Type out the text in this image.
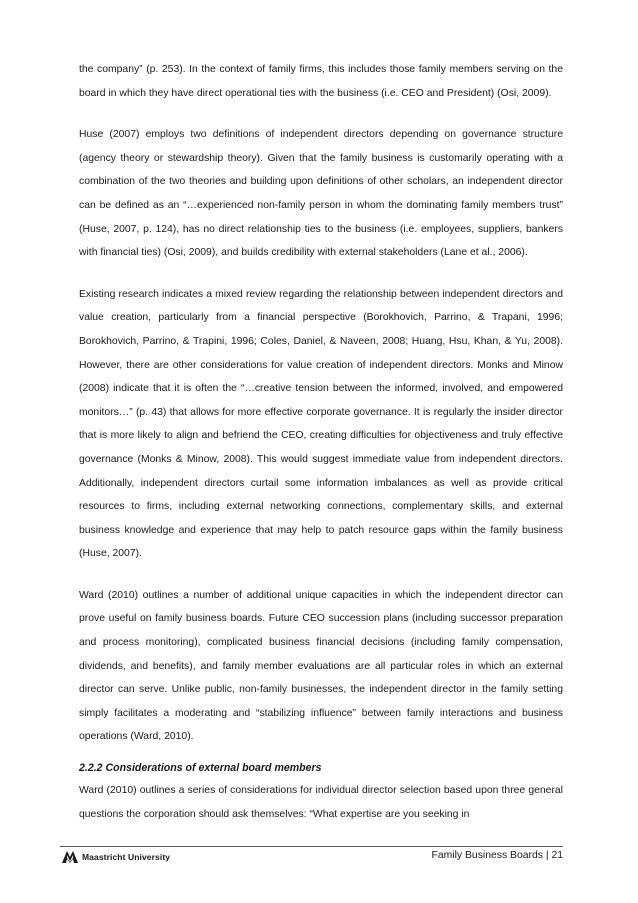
the company” (p. 253). In the context of family firms, this includes those family members serving on the board in which they have direct operational ties with the business (i.e. CEO and President) (Osi, 2009).

Huse (2007) employs two definitions of independent directors depending on governance structure (agency theory or stewardship theory). Given that the family business is customarily operating with a combination of the two theories and building upon definitions of other scholars, an independent director can be defined as an “…experienced non-family person in whom the dominating family members trust” (Huse, 2007, p. 124), has no direct relationship ties to the business (i.e. employees, suppliers, bankers with financial ties) (Osi, 2009), and builds credibility with external stakeholders (Lane et al., 2006).

Existing research indicates a mixed review regarding the relationship between independent directors and value creation, particularly from a financial perspective (Borokhovich, Parrino, & Trapani, 1996; Borokhovich, Parrino, & Trapini, 1996; Coles, Daniel, & Naveen, 2008; Huang, Hsu, Khan, & Yu, 2008). However, there are other considerations for value creation of independent directors. Monks and Minow (2008) indicate that it is often the “…creative tension between the informed, involved, and empowered monitors…” (p. 43) that allows for more effective corporate governance. It is regularly the insider director that is more likely to align and befriend the CEO, creating difficulties for objectiveness and truly effective governance (Monks & Minow, 2008). This would suggest immediate value from independent directors. Additionally, independent directors curtail some information imbalances as well as provide critical resources to firms, including external networking connections, complementary skills, and external business knowledge and experience that may help to patch resource gaps within the family business (Huse, 2007).

Ward (2010) outlines a number of additional unique capacities in which the independent director can prove useful on family business boards. Future CEO succession plans (including successor preparation and process monitoring), complicated business financial decisions (including family compensation, dividends, and benefits), and family member evaluations are all particular roles in which an external director can serve. Unlike public, non-family businesses, the independent director in the family setting simply facilitates a moderating and “stabilizing influence” between family interactions and business operations (Ward, 2010).

2.2.2 Considerations of external board members

Ward (2010) outlines a series of considerations for individual director selection based upon three general questions the corporation should ask themselves: “What expertise are you seeking in

Maastricht University	Family Business Boards | 21
